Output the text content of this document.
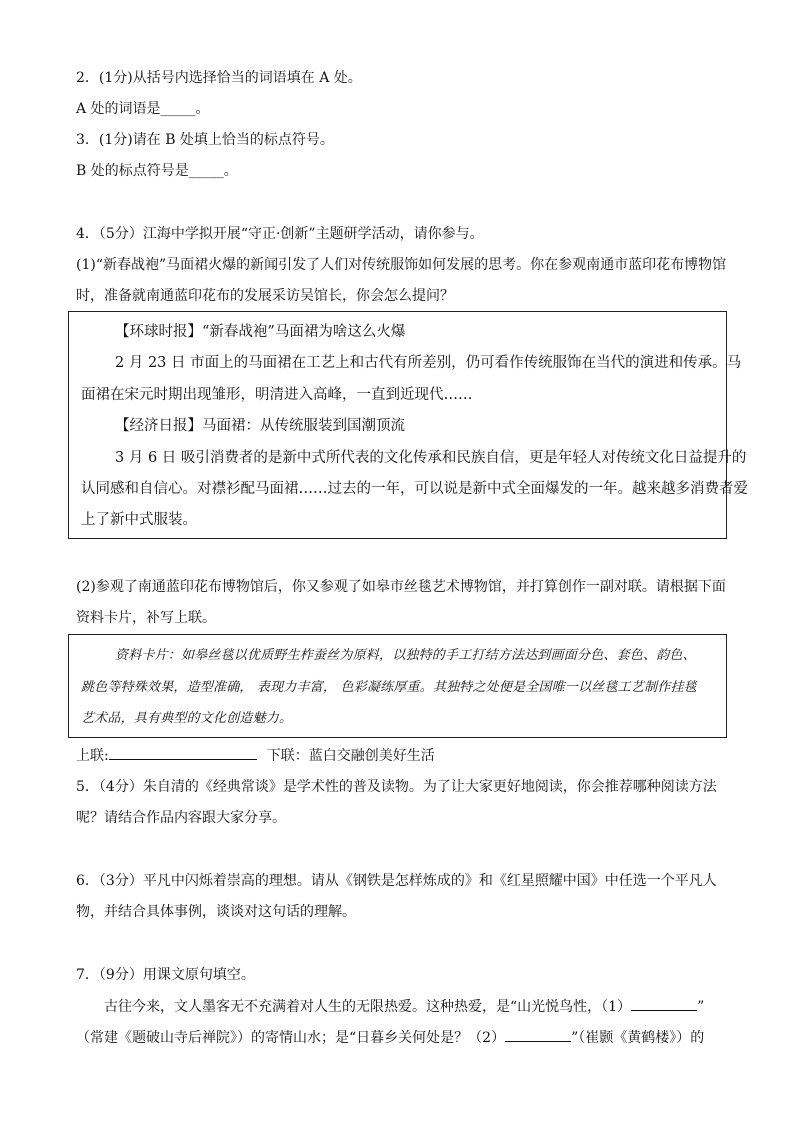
2．(1分)从括号内选择恰当的词语填在 A 处。
A 处的词语是_____。
3．(1分)请在 B 处填上恰当的标点符号。
B 处的标点符号是_____。
4．（5分）江海中学拟开展“守正·创新”主题研学活动，请你参与。
(1)“新春战袍”马面裙火爆的新闻引发了人们对传统服饰如何发展的思考。你在参观南通市蓝印花布博物馆
时，准备就南通蓝印花布的发展采访吴馆长，你会怎么提问？
【环球时报】“新春战袍”马面裙为啥这么火爆
2 月 23 日 市面上的马面裙在工艺上和古代有所差别，仍可看作传统服饰在当代的演进和传承。马
面裙在宋元时期出现雏形，明清进入高峰，一直到近现代……
【经济日报】马面裙：从传统服装到国潮顶流
3 月 6 日 吸引消费者的是新中式所代表的文化传承和民族自信，更是年轻人对传统文化日益提升的
认同感和自信心。对襟衫配马面裙……过去的一年，可以说是新中式全面爆发的一年。越来越多消费者爱
上了新中式服装。
(2)参观了南通蓝印花布博物馆后，你又参观了如皋市丝毯艺术博物馆，并打算创作一副对联。请根据下面
资料卡片，补写上联。
资料卡片：如皋丝毯以优质野生柞蚕丝为原料，以独特的手工打结方法达到画面分色、套色、韵色、
跳色等特殊效果，造型准确， 表现力丰富， 色彩凝练厚重。其独特之处便是全国唯一以丝毯工艺制作挂毯
艺术品，具有典型的文化创造魅力。
上联:	下联：蓝白交融创美好生活
5．（4分）朱自清的《经典常谈》是学术性的普及读物。为了让大家更好地阅读，你会推荐哪种阅读方法
呢？请结合作品内容跟大家分享。
6．（3分）平凡中闪烁着崇高的理想。请从《钢铁是怎样炼成的》和《红星照耀中国》中任选一个平凡人
物，并结合具体事例，谈谈对这句话的理解。
7．（9分）用课文原句填空。
古往今来，文人墨客无不充满着对人生的无限热爱。这种热爱，是“山光悦鸟性，（1）	”
（常建《题破山寺后禅院》）的寄情山水；是“日暮乡关何处是？（2）	”（崔颢《黄鹤楼》）的
